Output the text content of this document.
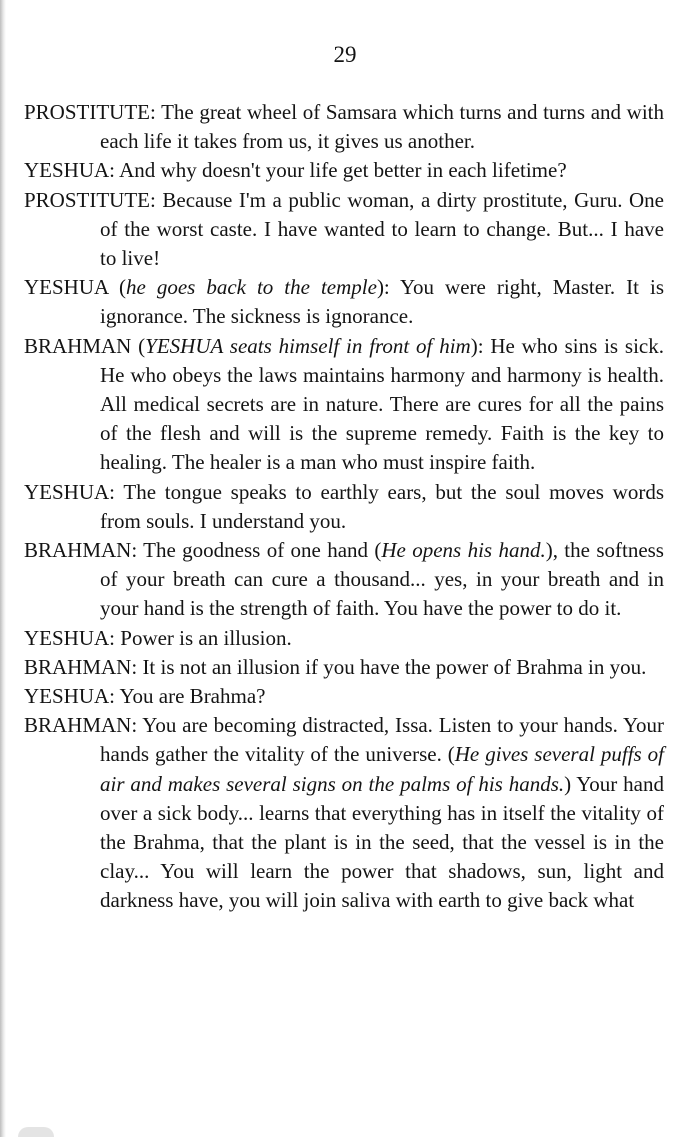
29

PROSTITUTE: The great wheel of Samsara which turns and turns and with each life it takes from us, it gives us another.

YESHUA: And why doesn't your life get better in each lifetime?

PROSTITUTE: Because I'm a public woman, a dirty prostitute, Guru. One of the worst caste. I have wanted to learn to change. But... I have to live!

YESHUA (he goes back to the temple): You were right, Master. It is ignorance. The sickness is ignorance.

BRAHMAN (YESHUA seats himself in front of him): He who sins is sick. He who obeys the laws maintains harmony and harmony is health. All medical secrets are in nature. There are cures for all the pains of the flesh and will is the supreme remedy. Faith is the key to healing. The healer is a man who must inspire faith.

YESHUA: The tongue speaks to earthly ears, but the soul moves words from souls. I understand you.

BRAHMAN: The goodness of one hand (He opens his hand.), the softness of your breath can cure a thousand... yes, in your breath and in your hand is the strength of faith. You have the power to do it.

YESHUA: Power is an illusion.

BRAHMAN: It is not an illusion if you have the power of Brahma in you.

YESHUA: You are Brahma?

BRAHMAN: You are becoming distracted, Issa. Listen to your hands. Your hands gather the vitality of the universe. (He gives several puffs of air and makes several signs on the palms of his hands.) Your hand over a sick body... learns that everything has in itself the vitality of the Brahma, that the plant is in the seed, that the vessel is in the clay... You will learn the power that shadows, sun, light and darkness have, you will join saliva with earth to give back what
